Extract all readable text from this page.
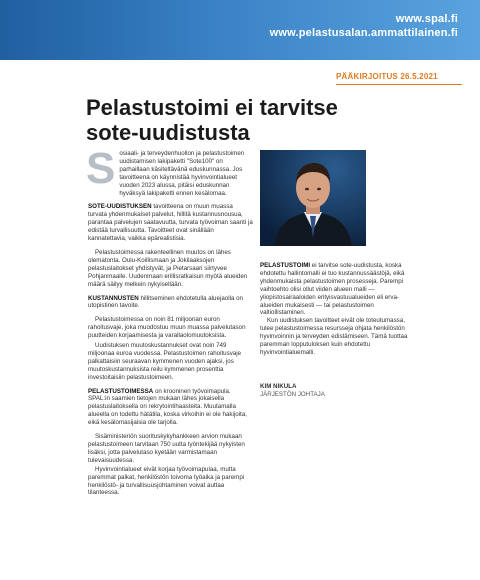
www.spal.fi
www.pelastusalan.ammattilainen.fi
PÄÄKIRJOITUS 26.5.2021
Pelastustoimi ei tarvitse
sote-uudistusta
S osiaali- ja terveydenhuollon ja pelastustoimen uudistamisen lakipaketti "Sote100" on parhaillaan käsiteltävänä eduskunnassa. Jos tavoitteena on käynnistää hyvinvointialueet vuoden 2023 alussa, pitäisi eduskunnan hyväksyä lakipaketti ennen kesälomaa.

SOTE-UUDISTUKSEN tavoitteena on muun muassa turvata yhdenmukaiset palvelut, hillitä kustannusnousua, parantaa palvelujen saatavuutta, turvata työvoiman saanti ja edistää turvallisuutta. Tavoitteet ovat sinällään kannatettavia, vaikka epärealistisia.

Pelastustoimessa rakenteellinen muutos on lähes olematonta. Oulu-Koillismaan ja Jokilaaksojen pelastuslaitokset yhdistyvät, ja Pietarsaari siirtyvee Pohjanmaalle. Uudenmaan erillisratkaisun myötä alueiden määrä säilyy melkein nykyisellään.

KUSTANNUSTEN hillitseminen ehdotetulla aluejaolla on utopistinen tavoite.

Pelastustoimessa on noin 81 miljoonan euron rahoitusvaje, joka muodostuu muun muassa palvelutason puutteiden korjaamisesta ja varallaolomuutoksista.

Uudistuksen muutoskustannukset ovat noin 749 miljoonaa euroa vuodessa. Pelastustoimen rahoitusvaje palkattaisiin seuraavan kymmenen vuoden ajaksi, jos muutoskustannuksista reilu kymmenen prosenttia investoitaisiin pelastustoimeen.

PELASTUSTOIMESSA on krooninen työvoimapula. SPAL:in saamien tietojen mukaan lähes jokaisella pelastuslaitoksella on rekrytointihaasteita. Muutamalla alueella on todettu hätätila, koska virkoihin ei ole hakijoita, eikä kesälomasijaisia ole tarjolla.

Sisäministeriön suorituskykyhankkeen arvion mukaan pelastustoimeen tarvitaan 750 uutta työntekijää nykyisten lisäksi, jotta palvelutaso kyetään varmistamaan tulevaisuudessa.

Hyvinvointialueet eivät korjaa työvoimapulaa, mutta paremmat palkat, henkilöstön toivoma työaika ja parempi henkilöstö- ja turvallisuusjohtaminen voivat auttaa tilanteessa.

PELASTUSTOIMI ei tarvitse sote-uudistusta, koska ehdotettu hallintomalli ei tuo kustannussäästöjä, eikä yhdenmukaista pelastustoimen prosesseja. Parempi vaihtoehto olisi ollut viiden alueen malli — yliopistosairaaloiden erityisvastuualueiden eli erva-alueiden mukaisesti — tai pelastustoimen valtiollistaminen.

Kun uudistuksen tavoitteet eivät ole toteutumassa, tulee pelastustoimessa resursseja ohjata henkilöstön hyvinvoinnin ja terveyden edistämiseen. Tämä tuottaa paremman lopputuloksen kuin ehdotettu hyvinvointialuemalli.

KIM NIKULA
JÄRJESTÖN JOHTAJA
